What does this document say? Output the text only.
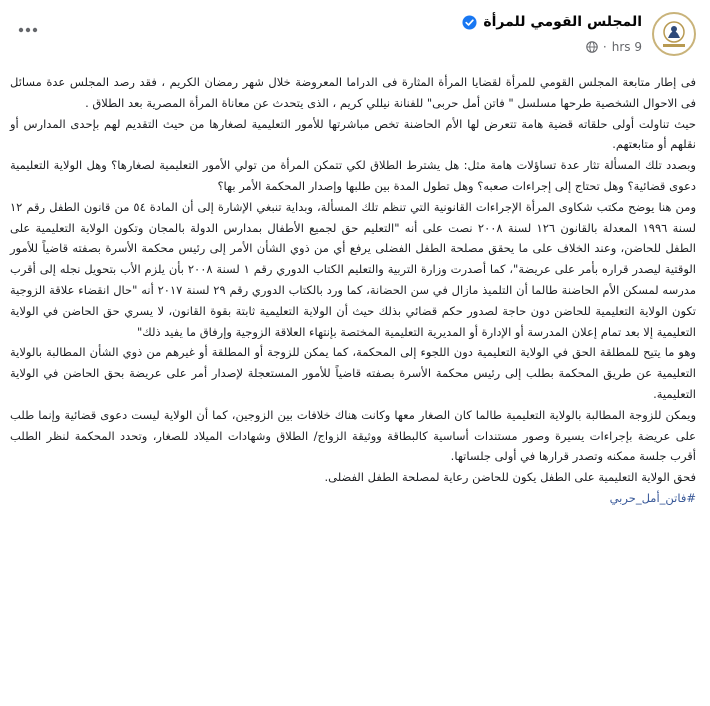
المجلس القومي للمرأة
9 hrs
·

فى إطار متابعة المجلس القومي للمرأة لقضايا المرأة المثارة فى الدراما المعروضة خلال شهر رمضان الكريم ، فقد رصد المجلس عدة مسائل فى الاحوال الشخصية طرحها مسلسل " فاتن أمل حربى" للفنانة نيللي كريم ، الذى يتحدث عن معاناة المرأة المصرية بعد الطلاق .

حيث تناولت أولى حلقاته قضية هامة تتعرض لها الأم الحاضنة تخص مباشرتها للأمور التعليمية لصغارها من حيث التقديم لهم بإحدى المدارس أو نقلهم أو متابعتهم.

وبصدد تلك المسألة تثار عدة تساؤلات هامة مثل: هل يشترط الطلاق لكي تتمكن المرأة من تولي الأمور التعليمية لصغارها؟ وهل الولاية التعليمية دعوى قضائية؟ وهل تحتاج إلى إجراءات صعبه؟ وهل تطول المدة بين طلبها وإصدار المحكمة الأمر بها؟

ومن هنا يوضح مكتب شكاوى المرأة الإجراءات القانونية التي تنظم تلك المسألة، وبداية تنبغي الإشارة إلى أن المادة ٥٤ من قانون الطفل رقم ١٢ لسنة ١٩٩٦ المعدلة بالقانون ١٢٦ لسنة ٢٠٠٨ نصت على أنه "التعليم حق لجميع الأطفال بمدارس الدولة بالمجان وتكون الولاية التعليمية على الطفل للحاضن، وعند الخلاف على ما يحقق مصلحة الطفل الفضلى يرفع أي من ذوي الشأن الأمر إلى رئيس محكمة الأسرة بصفته قاضياً للأمور الوقتية ليصدر قراره بأمر على عريضة"، كما أصدرت وزارة التربية والتعليم الكتاب الدوري رقم ١ لسنة ٢٠٠٨ بأن يلزم الأب بتحويل نجله إلى أقرب مدرسه لمسكن الأم الحاضنة طالما أن التلميذ مازال في سن الحضانة، كما ورد بالكتاب الدوري رقم ٢٩ لسنة ٢٠١٧ أنه "حال انقضاء علاقة الزوجية تكون الولاية التعليمية للحاضن دون حاجة لصدور حكم قضائي بذلك حيث أن الولاية التعليمية ثابتة بقوة القانون، لا يسري حق الحاضن في الولاية التعليمية إلا بعد تمام إعلان المدرسة أو الإدارة أو المديرية التعليمية المختصة بإنتهاء العلاقة الزوجية وإرفاق ما يفيد ذلك"

وهو ما يتيح للمطلقة الحق في الولاية التعليمية دون اللجوء إلى المحكمة، كما يمكن للزوجة أو المطلقة أو غيرهم من ذوي الشأن المطالبة بالولاية التعليمية عن طريق المحكمة بطلب إلى رئيس محكمة الأسرة بصفته قاضياً للأمور المستعجلة لإصدار أمر على عريضة بحق الحاضن في الولاية التعليمية.

ويمكن للزوجة المطالبة بالولاية التعليمية طالما كان الصغار معها وكانت هناك خلافات بين الزوجين، كما أن الولاية ليست دعوى قضائية وإنما طلب على عريضة بإجراءات يسيرة وصور مستندات أساسية كالبطاقة ووثيقة الزواج/ الطلاق وشهادات الميلاد للصغار، وتحدد المحكمة لنظر الطلب أقرب جلسة ممكنه وتصدر قرارها في أولى جلساتها.

فحق الولاية التعليمية على الطفل يكون للحاضن رعاية لمصلحة الطفل الفضلى.

#فاتن_أمل_حربي
